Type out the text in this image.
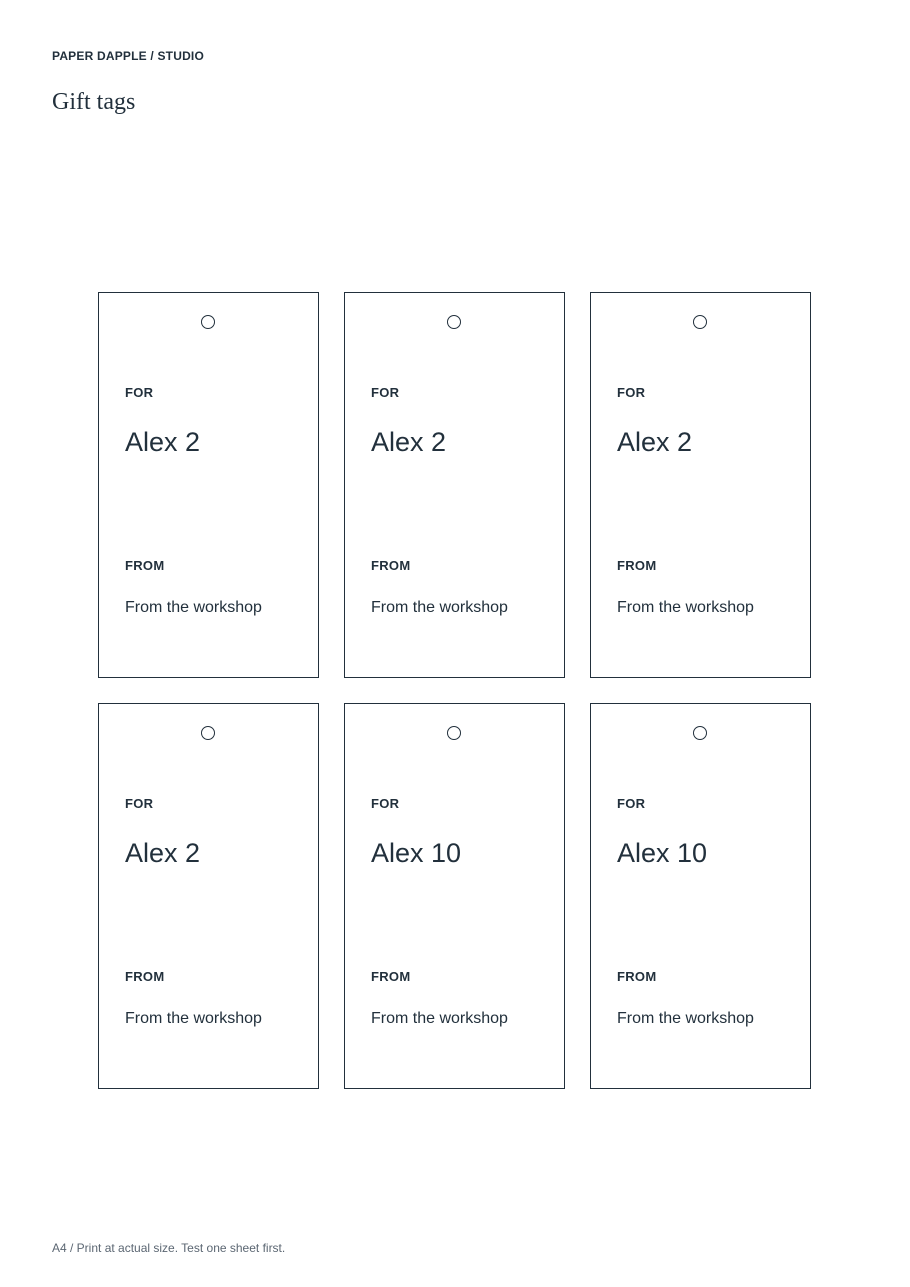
PAPER DAPPLE / STUDIO
Gift tags
FOR
Alex 2
FROM
From the workshop
FOR
Alex 2
FROM
From the workshop
FOR
Alex 2
FROM
From the workshop
FOR
Alex 2
FROM
From the workshop
FOR
Alex 10
FROM
From the workshop
FOR
Alex 10
FROM
From the workshop
A4 / Print at actual size. Test one sheet first.
